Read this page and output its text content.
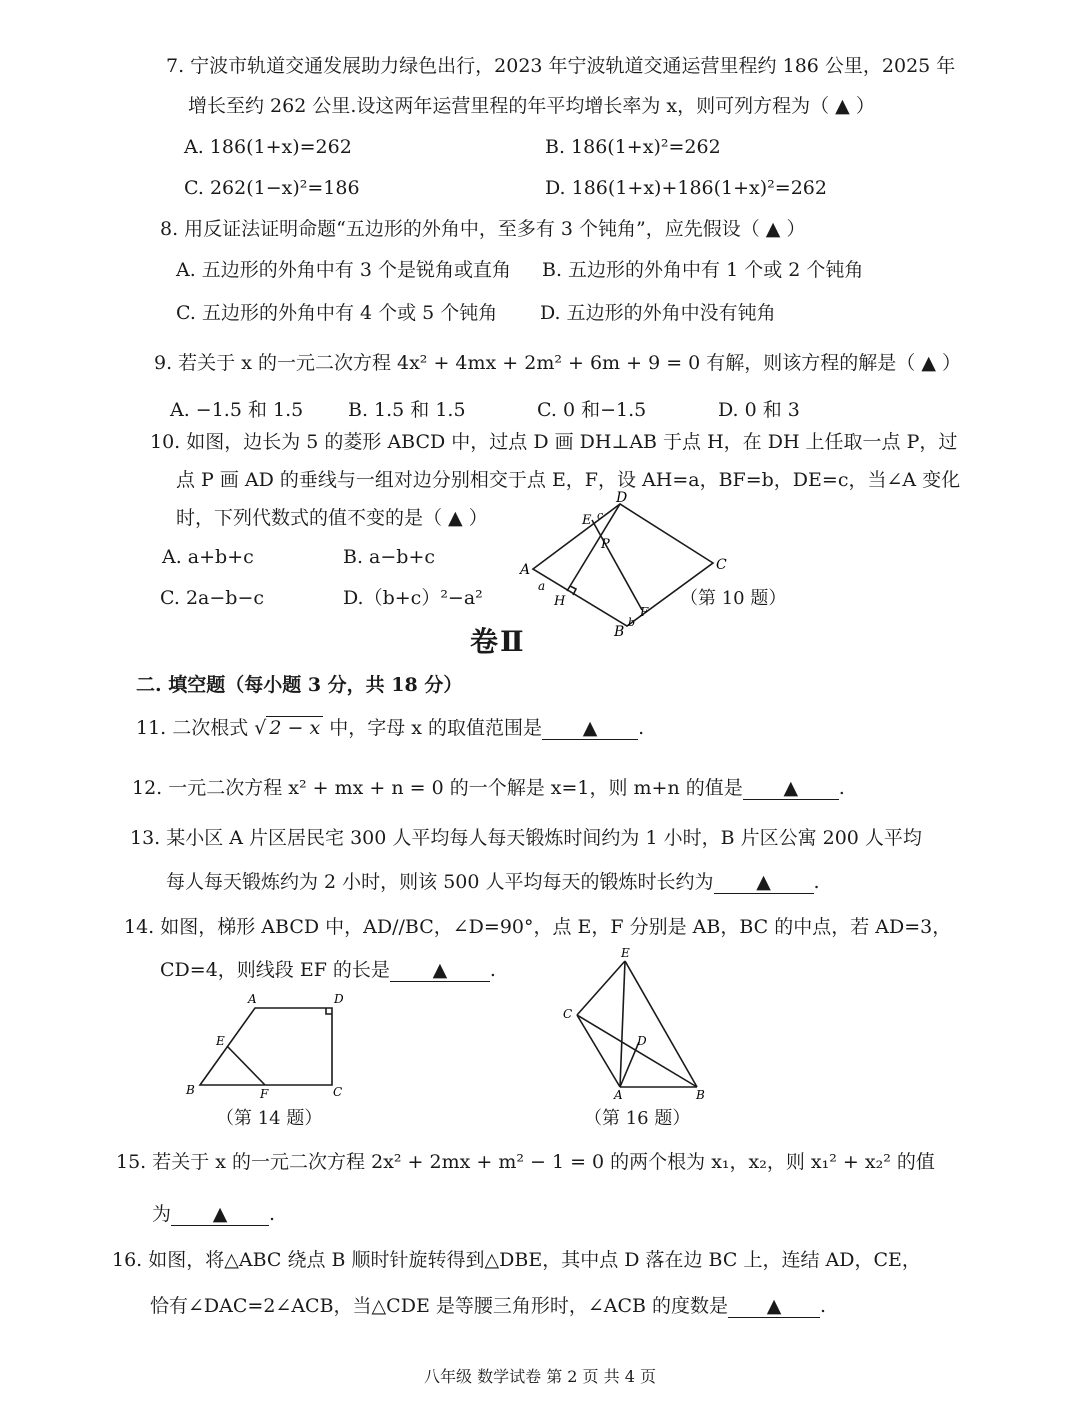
7. 宁波市轨道交通发展助力绿色出行，2023 年宁波轨道交通运营里程约 186 公里，2025 年
增长至约 262 公里.设这两年运营里程的年平均增长率为 x，则可列方程为（ ▲ ）
A. 186(1+x)=262	B. 186(1+x)²=262
C. 262(1−x)²=186	D. 186(1+x)+186(1+x)²=262
8. 用反证法证明命题“五边形的外角中，至多有 3 个钝角”，应先假设（ ▲ ）
A. 五边形的外角中有 3 个是锐角或直角 B. 五边形的外角中有 1 个或 2 个钝角
C. 五边形的外角中有 4 个或 5 个钝角 D. 五边形的外角中没有钝角
9. 若关于 x 的一元二次方程 4x² + 4mx + 2m² + 6m + 9 = 0 有解，则该方程的解是（ ▲ ）
A. −1.5 和 1.5 B. 1.5 和 1.5	C. 0 和−1.5	D. 0 和 3
10. 如图，边长为 5 的菱形 ABCD 中，过点 D 画 DH⊥AB 于点 H，在 DH 上任取一点 P，过
点 P 画 AD 的垂线与一组对边分别相交于点 E，F，设 AH=a，BF=b，DE=c，当∠A 变化
时，下列代数式的值不变的是（ ▲ ）
A. a+b+c	B. a−b+c
C. 2a−b−c	D.（b+c）²−a²
A
D
C
B
E c
P
H
a
b
F
（第 10 题）
卷Ⅱ
二. 填空题（每小题 3 分，共 18 分）
11. 二次根式 √ 2 − x 中，字母 x 的取值范围是 ▲ .
12. 一元二次方程 x² + mx + n = 0 的一个解是 x=1，则 m+n 的值是 ▲ .
13. 某小区 A 片区居民宅 300 人平均每人每天锻炼时间约为 1 小时，B 片区公寓 200 人平均
每人每天锻炼约为 2 小时，则该 500 人平均每天的锻炼时长约为 ▲ .
14. 如图，梯形 ABCD 中，AD//BC，∠D=90°，点 E，F 分别是 AB，BC 的中点，若 AD=3，
CD=4，则线段 EF 的长是 ▲ .
A	D
B	C
E
F
（第 14 题）
E
C
D
A	B
（第 16 题）
15. 若关于 x 的一元二次方程 2x² + 2mx + m² − 1 = 0 的两个根为 x₁，x₂，则 x₁² + x₂² 的值
为 ▲ .
16. 如图，将△ABC 绕点 B 顺时针旋转得到△DBE，其中点 D 落在边 BC 上，连结 AD，CE，
恰有∠DAC=2∠ACB，当△CDE 是等腰三角形时，∠ACB 的度数是 ▲ .
八年级 数学试卷 第 2 页 共 4 页
